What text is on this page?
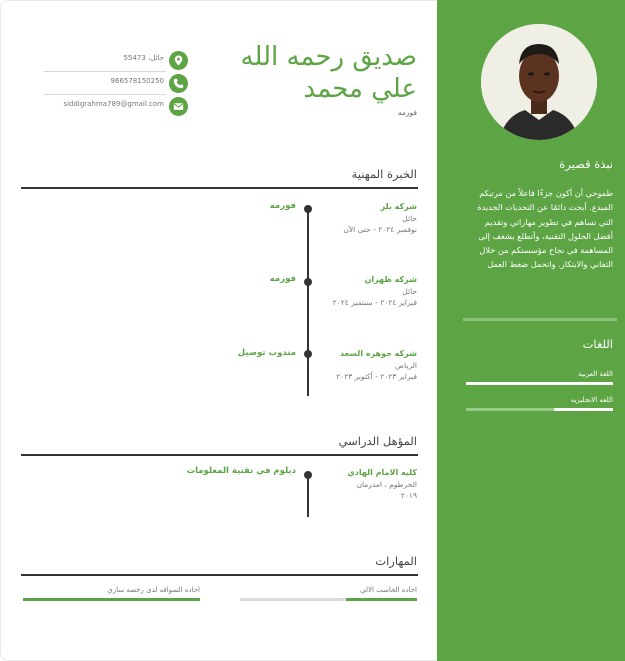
نبذة قصيرة
طموحي أن أكون جزءًا فاعلاً من مرتبكم المبدع. أبحث دائمًا عن التحديات الجديدة التي تساهم في تطوير مهاراتي وتقديم أفضل الحلول التقنية، وأتطلع بشغف إلى المساهمة في نجاح مؤسستكم من خلال التفاني والابتكار. واتحمل ضغط العمل
اللغات
اللغة العربية
اللغه الانجليزيه
صديق رحمه الله
علي محمد
فورمه
حائل، 55473
966578150250
siddigrahma789@gmail.com
الخبرة المهنية
شركه بلر
حائل
نوفمبر ٢٠٢٤ - حتى الآن
فورمه
شركه ظهران
حائل
فبراير ٢٠٢٤ - سبتمبر ٢٠٢٤
فورمه
شركه جوهره السعد
الرياض
فبراير ٢٠٢٣ - أكتوبر ٢٠٢٣
مندوب توصيل
المؤهل الدراسي
كليه الامام الهادي
الخرطوم ، امدرمان
٢٠١٩
دبلوم في تقنية المعلومات
المهارات
اجاده الحاسب الالي
اجاده السواقه لدى رخصه ساري
